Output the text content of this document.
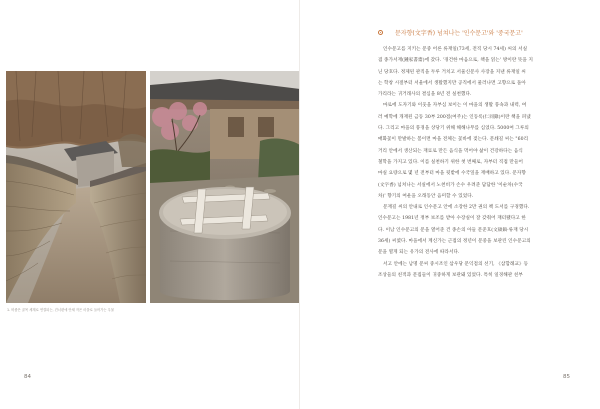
1. 비좁은 골목 세계로 연결되는, 건너편에 안채 작은 마을로 들어가는 우물
84
문자향(文字香) 넘쳐나는 '인수문고'와 '중국문고'
인수문고를 지키는 문중 어른 류재일(73세, 전직 당시 74세) 씨의 서실
겸 종가서재(鍾家書齋)에 갔다. '경건한 마음으로, 책을 읽는' 방이란 뜻을 지
닌 당호다. 정제된 관직을 두루 거치고 서울신문사 사장을 지낸 류재일 씨
는 학창 시절부터 서울에서 생활했지만 공직에서 물러나면 고향으로 돌아
가리라는 귀거래사의 결심을 8년 전 실천했다.
마로에 도자기와 이웃을 자부심 보이는 이 마을의 생활 풍속과 내력, 여
러 예학에 개재된 금동 30부 200점(여주)는 인동록(仁同錄)이란 책을 펴냈
다. 그리고 마을의 풍경을 상당기 위해 해해나무를 심었다. 5000여 그루의
매화꽃이 만발하는 봄이면 마을 전체는 꽃바에 젖는다. 문쇄길 씨는 "60리
거리 안에서 생산되는 재료로 만든 음식을 먹어야 삶이 건강하다는 음식
철학을 가지고 있다. 이를 실천하기 위한 첫 번째로, 자부터 직접 만들어
마실 요량으로 몇 년 전부터 마을 뒷밭에 수국잎을 재배하고 있다. 문자향
(文字香) 넘쳐나는 서실에서 노천비가 손수 우려준 담담한 '이순차(수국
차)' 향기의 여운을 오래동안 음미할 수 있었다.
문재길 씨의 안내로 인수문고 안에 소장한 2만 권의 책 도서를 구경했다.
인수문고는 1981년 정부 보조를 받아 수장실이 잘 갖춰어 재터됐다고 한
다. 이남 인수문고의 문을 열어준 건 종손의 아들 문준호(文碩鎬·류재 당시
36세) 씨였다. 마을에서 계신가는 근접의 정년이 문중을 보관린 인수문고의
문을 열게 되는 유가의 전사에 따라서다.
서고 안에는 남명 문씨 중시조인 삼우당 문익점의 선기, 《삼합례교》등
조상들의 친적과 문집들이 귀중하게 보관돼 있었다. 특히 일경해관 친부
85
